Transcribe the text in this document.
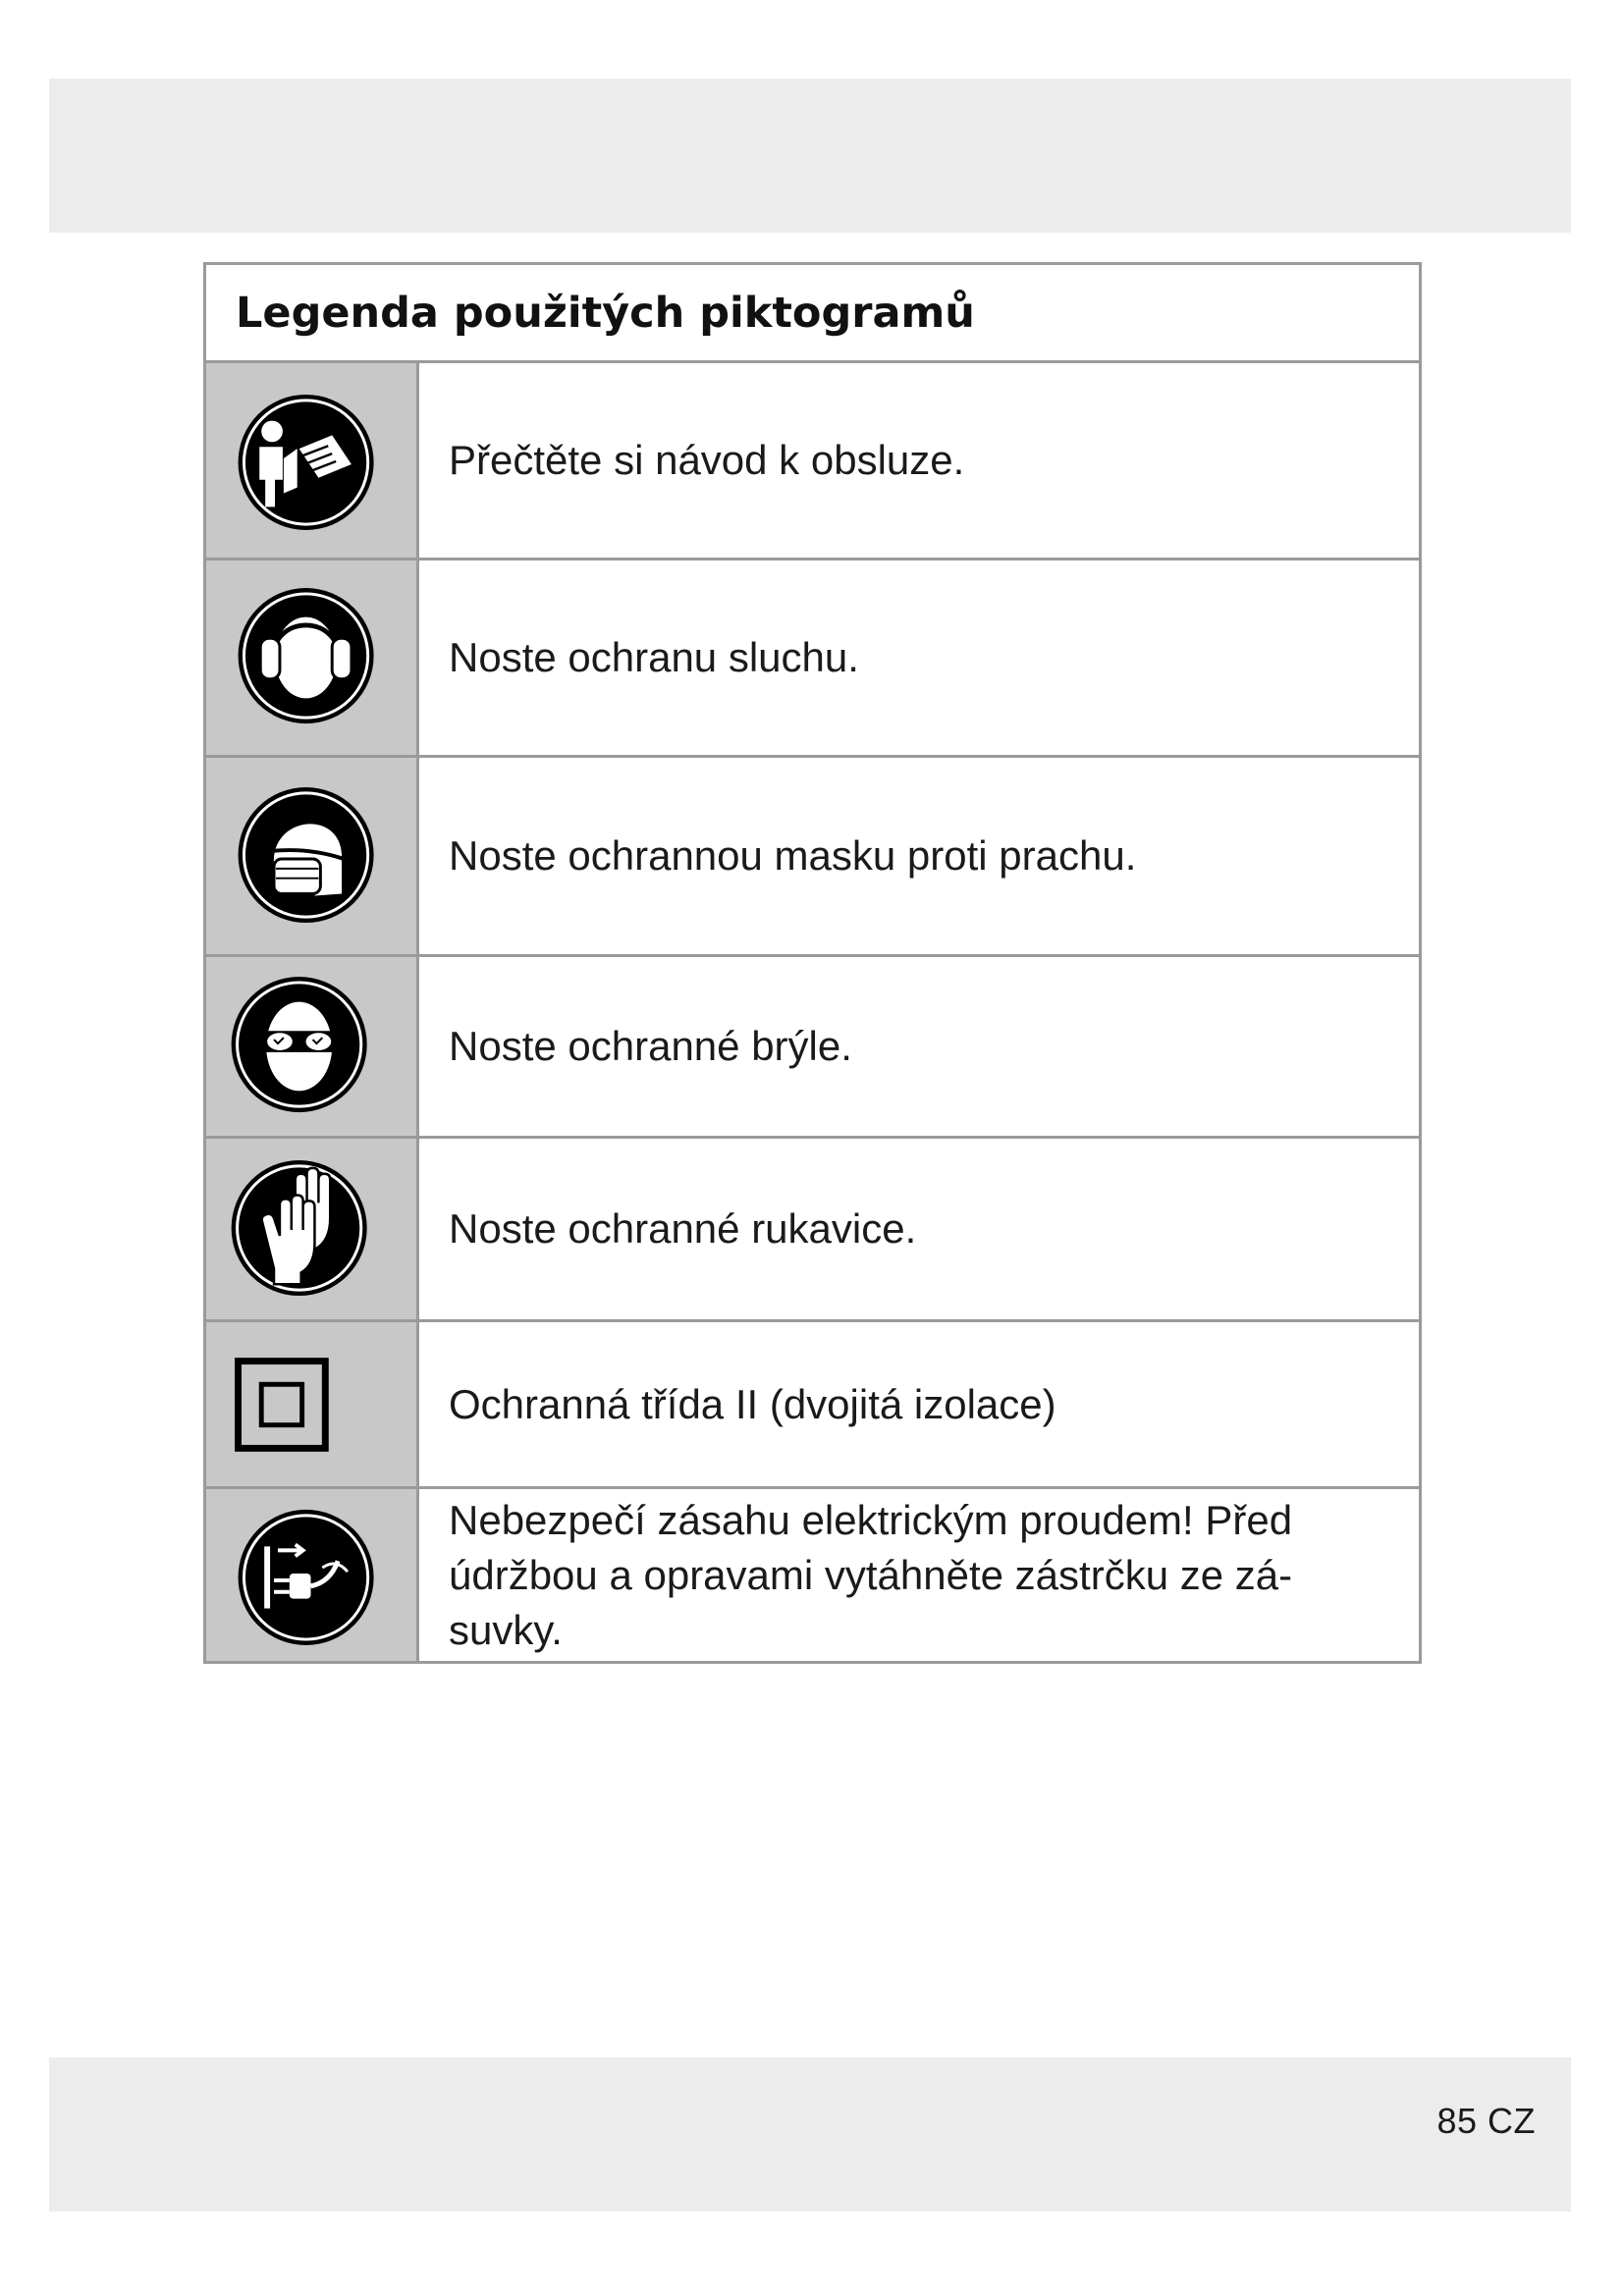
Legenda použitých piktogramů
Přečtěte si návod k obsluze.
Noste ochranu sluchu.
Noste ochrannou masku proti prachu.
Noste ochranné brýle.
Noste ochranné rukavice.
Ochranná třída II (dvojitá izolace)
Nebezpečí zásahu elektrickým proudem! Před
údržbou a opravami vytáhněte zástrčku ze zá-
suvky.
85 CZ
